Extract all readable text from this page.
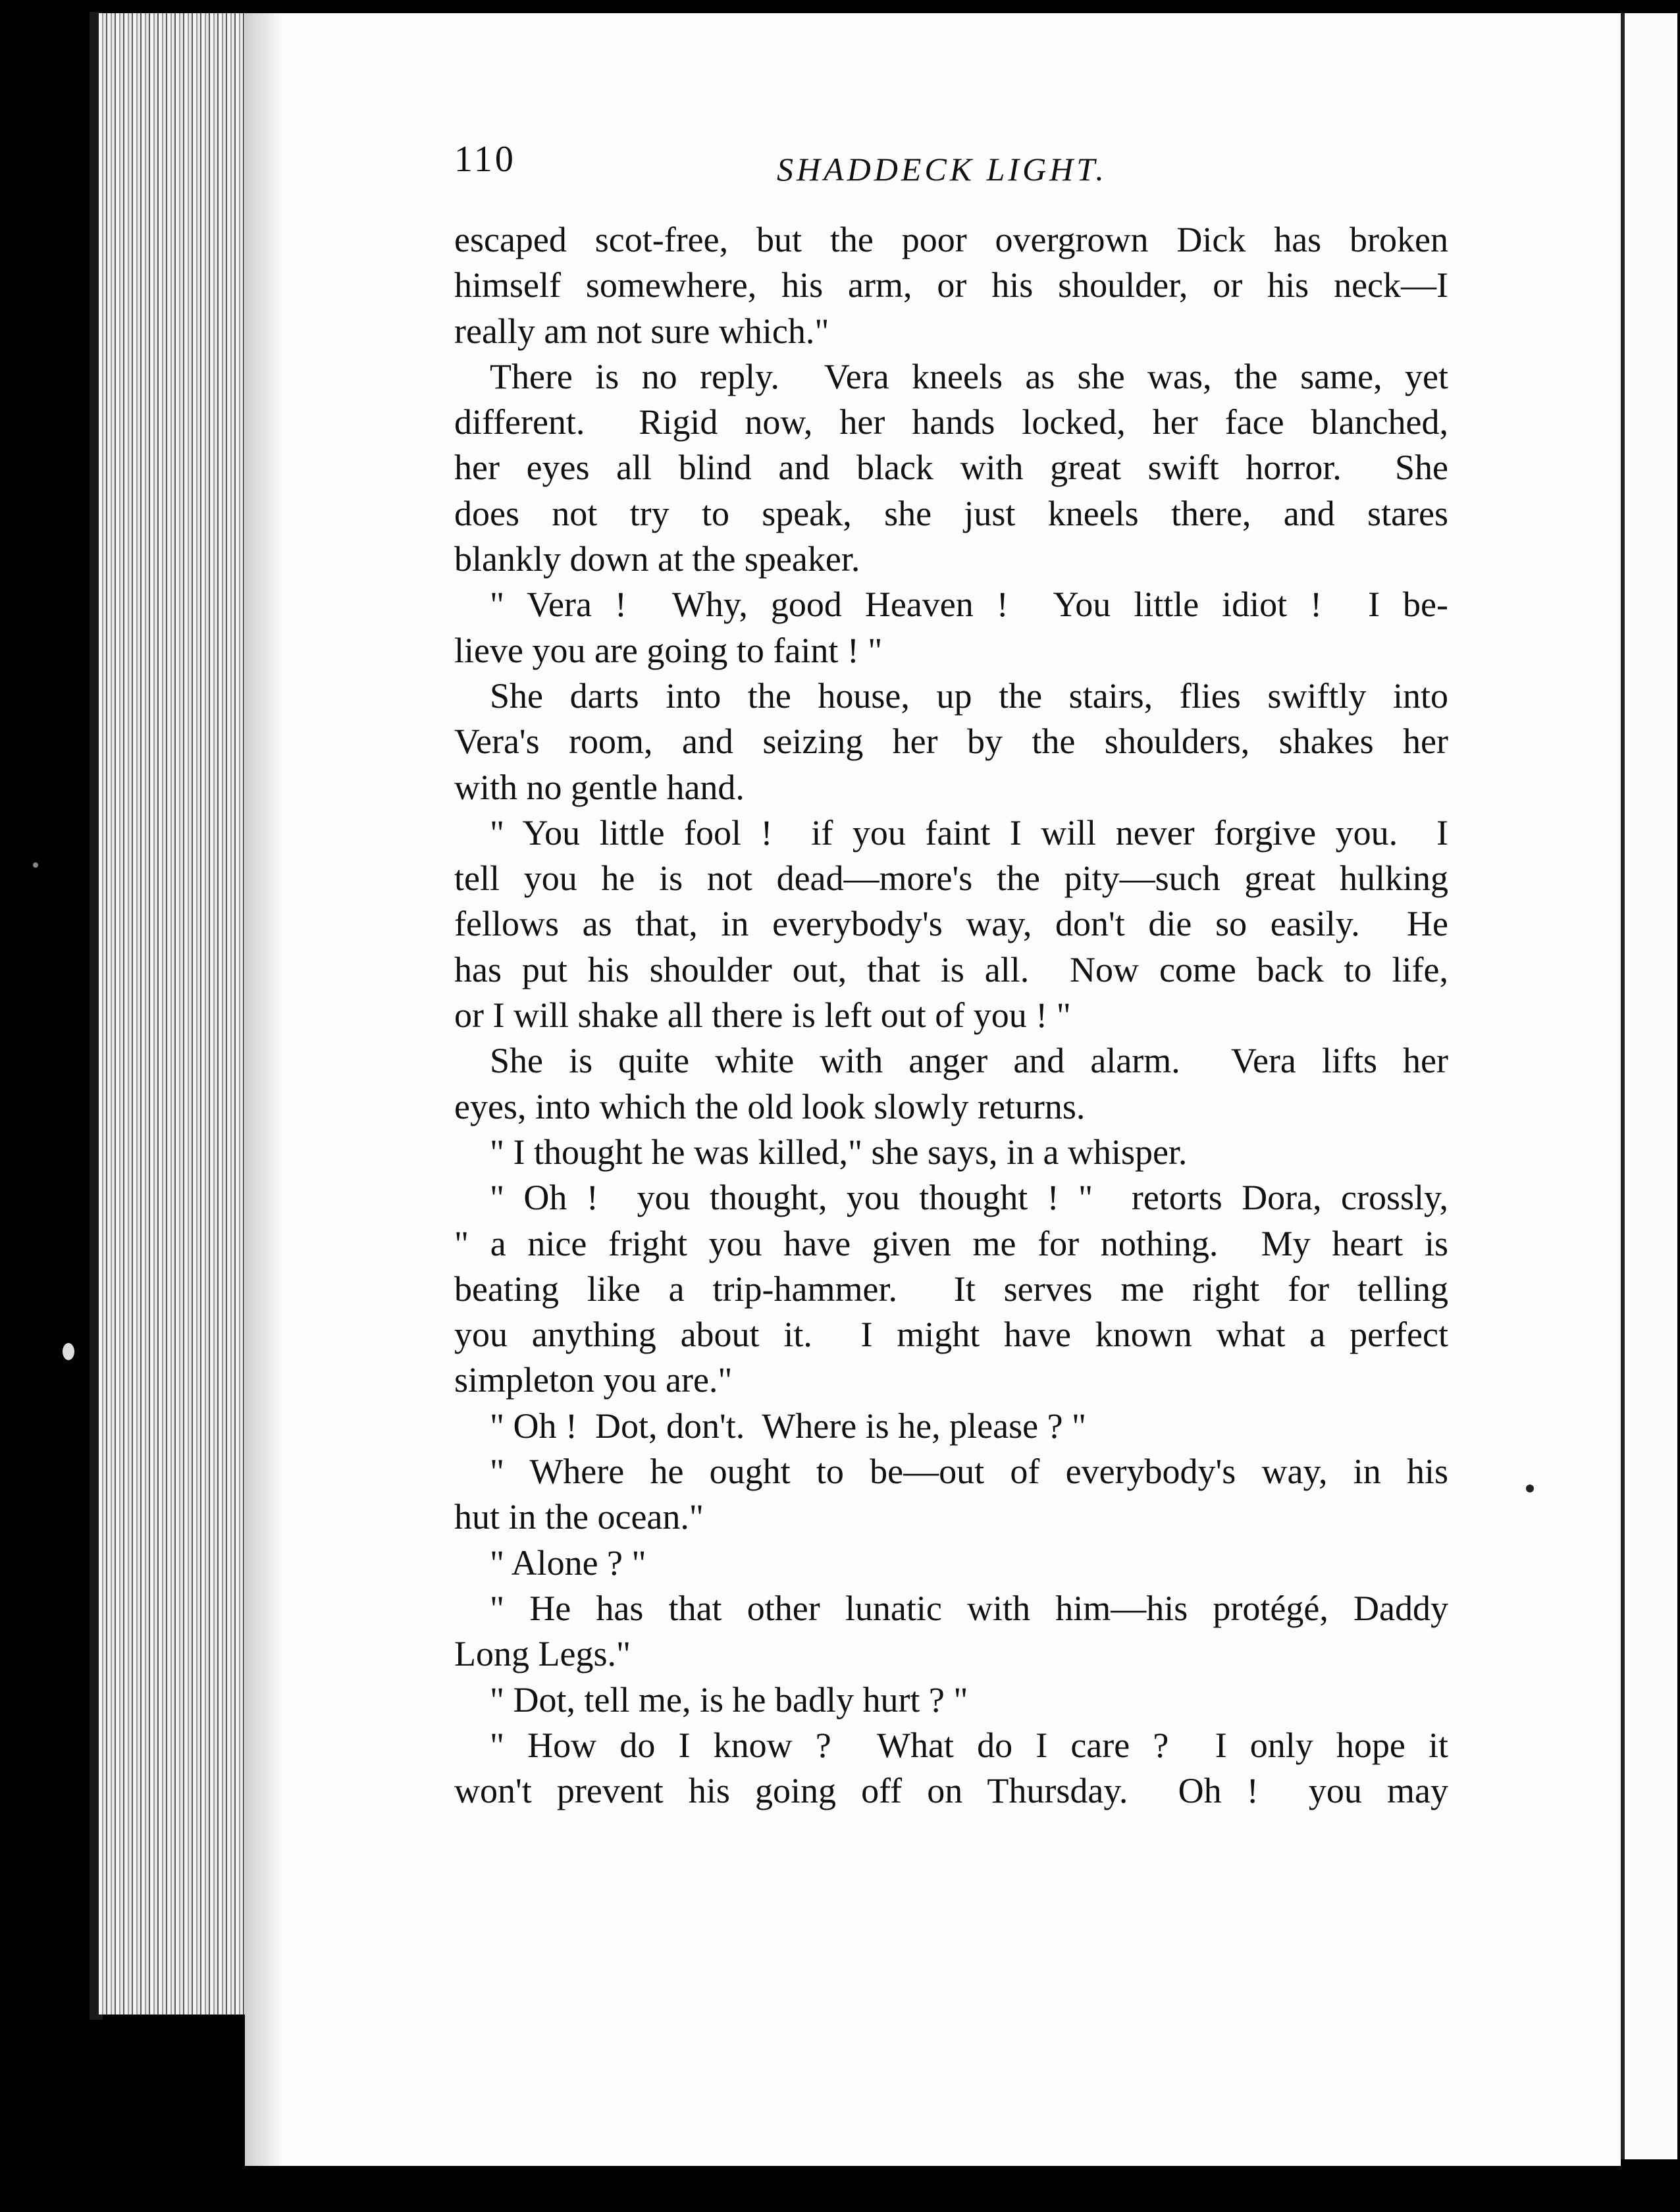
110	SHADDECK LIGHT.
escaped scot-free, but the poor overgrown Dick has broken
himself somewhere, his arm, or his shoulder, or his neck—I
really am not sure which."
There is no reply.  Vera kneels as she was, the same, yet
different.  Rigid now, her hands locked, her face blanched,
her eyes all blind and black with great swift horror.  She
does not try to speak, she just kneels there, and stares
blankly down at the speaker.
" Vera !  Why, good Heaven !  You little idiot !  I be-
lieve you are going to faint ! "
She darts into the house, up the stairs, flies swiftly into
Vera's room, and seizing her by the shoulders, shakes her
with no gentle hand.
" You little fool !  if you faint I will never forgive you.  I
tell you he is not dead—more's the pity—such great hulking
fellows as that, in everybody's way, don't die so easily.  He
has put his shoulder out, that is all.  Now come back to life,
or I will shake all there is left out of you ! "
She is quite white with anger and alarm.  Vera lifts her
eyes, into which the old look slowly returns.
" I thought he was killed," she says, in a whisper.
" Oh !  you thought, you thought ! "  retorts Dora, crossly,
" a nice fright you have given me for nothing.  My heart is
beating like a trip-hammer.  It serves me right for telling
you anything about it.  I might have known what a perfect
simpleton you are."
" Oh !  Dot, don't.  Where is he, please ? "
" Where he ought to be—out of everybody's way, in his
hut in the ocean."
" Alone ? "
" He has that other lunatic with him—his protégé, Daddy
Long Legs."
" Dot, tell me, is he badly hurt ? "
" How do I know ?  What do I care ?  I only hope it
won't prevent his going off on Thursday.  Oh !  you may
